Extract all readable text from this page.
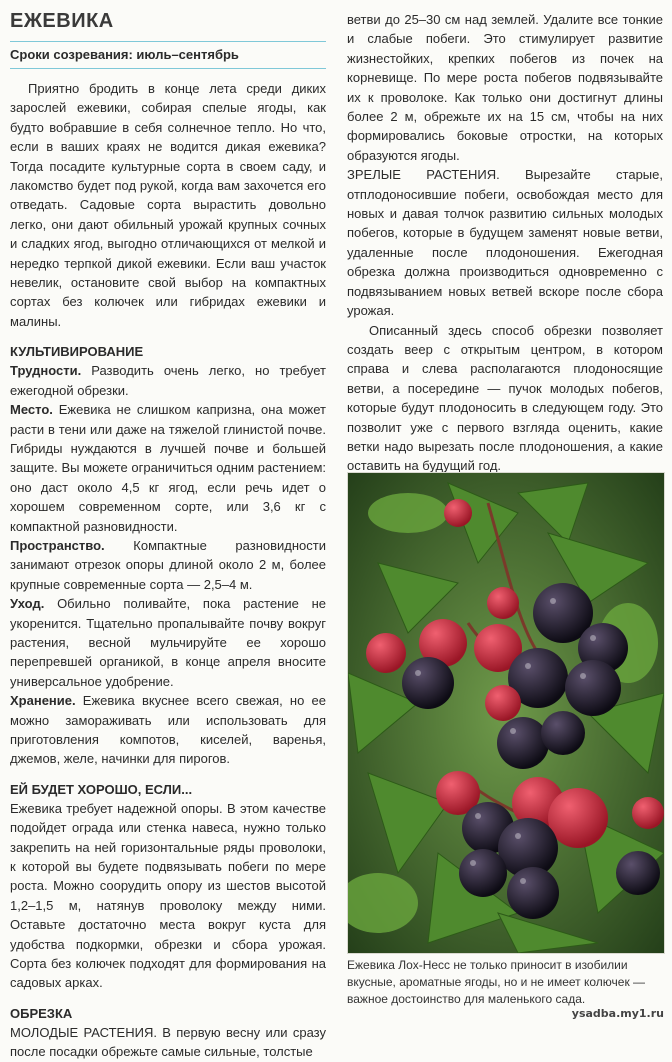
ЕЖЕВИКА
Сроки созревания: июль–сентябрь

Приятно бродить в конце лета среди диких зарослей ежевики, собирая спелые ягоды, как будто вобравшие в себя солнечное тепло. Но что, если в ваших краях не водится дикая ежевика? Тогда посадите культурные сорта в своем саду, и лакомство будет под рукой, когда вам захочется его отведать. Садовые сорта вырастить довольно легко, они дают обильный урожай крупных сочных и сладких ягод, выгодно отличающихся от мелкой и нередко терпкой дикой ежевики. Если ваш участок невелик, остановите свой выбор на компактных сортах без колючек или гибридах ежевики и малины.

КУЛЬТИВИРОВАНИЕ

Трудности. Разводить очень легко, но требует ежегодной обрезки.

Место. Ежевика не слишком капризна, она может расти в тени или даже на тяжелой глинистой почве. Гибриды нуждаются в лучшей почве и большей защите. Вы можете ограничиться одним растением: оно даст около 4,5 кг ягод, если речь идет о хорошем современном сорте, или 3,6 кг с компактной разновидности.

Пространство. Компактные разновидности занимают отрезок опоры длиной около 2 м, более крупные современные сорта — 2,5–4 м.

Уход. Обильно поливайте, пока растение не укоренится. Тщательно пропалывайте почву вокруг растения, весной мульчируйте ее хорошо перепревшей органикой, в конце апреля вносите универсальное удобрение.

Хранение. Ежевика вкуснее всего свежая, но ее можно замораживать или использовать для приготовления компотов, киселей, варенья, джемов, желе, начинки для пирогов.

ЕЙ БУДЕТ ХОРОШО, ЕСЛИ...

Ежевика требует надежной опоры. В этом качестве подойдет ограда или стенка навеса, нужно только закрепить на ней горизонтальные ряды проволоки, к которой вы будете подвязывать побеги по мере роста. Можно соорудить опору из шестов высотой 1,2–1,5 м, натянув проволоку между ними. Оставьте достаточно места вокруг куста для удобства подкормки, обрезки и сбора урожая. Сорта без колючек подходят для формирования на садовых арках.

ОБРЕЗКА

МОЛОДЫЕ РАСТЕНИЯ. В первую весну или сразу после посадки обрежьте самые сильные, толстые

ветви до 25–30 см над землей. Удалите все тонкие и слабые побеги. Это стимулирует развитие жизнестойких, крепких побегов из почек на корневище. По мере роста побегов подвязывайте их к проволоке. Как только они достигнут длины более 2 м, обрежьте их на 15 см, чтобы на них формировались боковые отростки, на которых образуются ягоды.

ЗРЕЛЫЕ РАСТЕНИЯ. Вырезайте старые, отплодоносившие побеги, освобождая место для новых и давая толчок развитию сильных молодых побегов, которые в будущем заменят новые ветви, удаленные после плодоношения. Ежегодная обрезка должна производиться одновременно с подвязыванием новых ветвей вскоре после сбора урожая.

Описанный здесь способ обрезки позволяет создать веер с открытым центром, в котором справа и слева располагаются плодоносящие ветви, а посередине — пучок молодых побегов, которые будут плодоносить в следующем году. Это позволит уже с первого взгляда оценить, какие ветки надо вырезать после плодоношения, а какие оставить на будущий год.

Ежевика Лох-Несс не только приносит в изобилии вкусные, ароматные ягоды, но и не имеет колючек — важное достоинство для маленького сада.
ysadba.my1.ru
